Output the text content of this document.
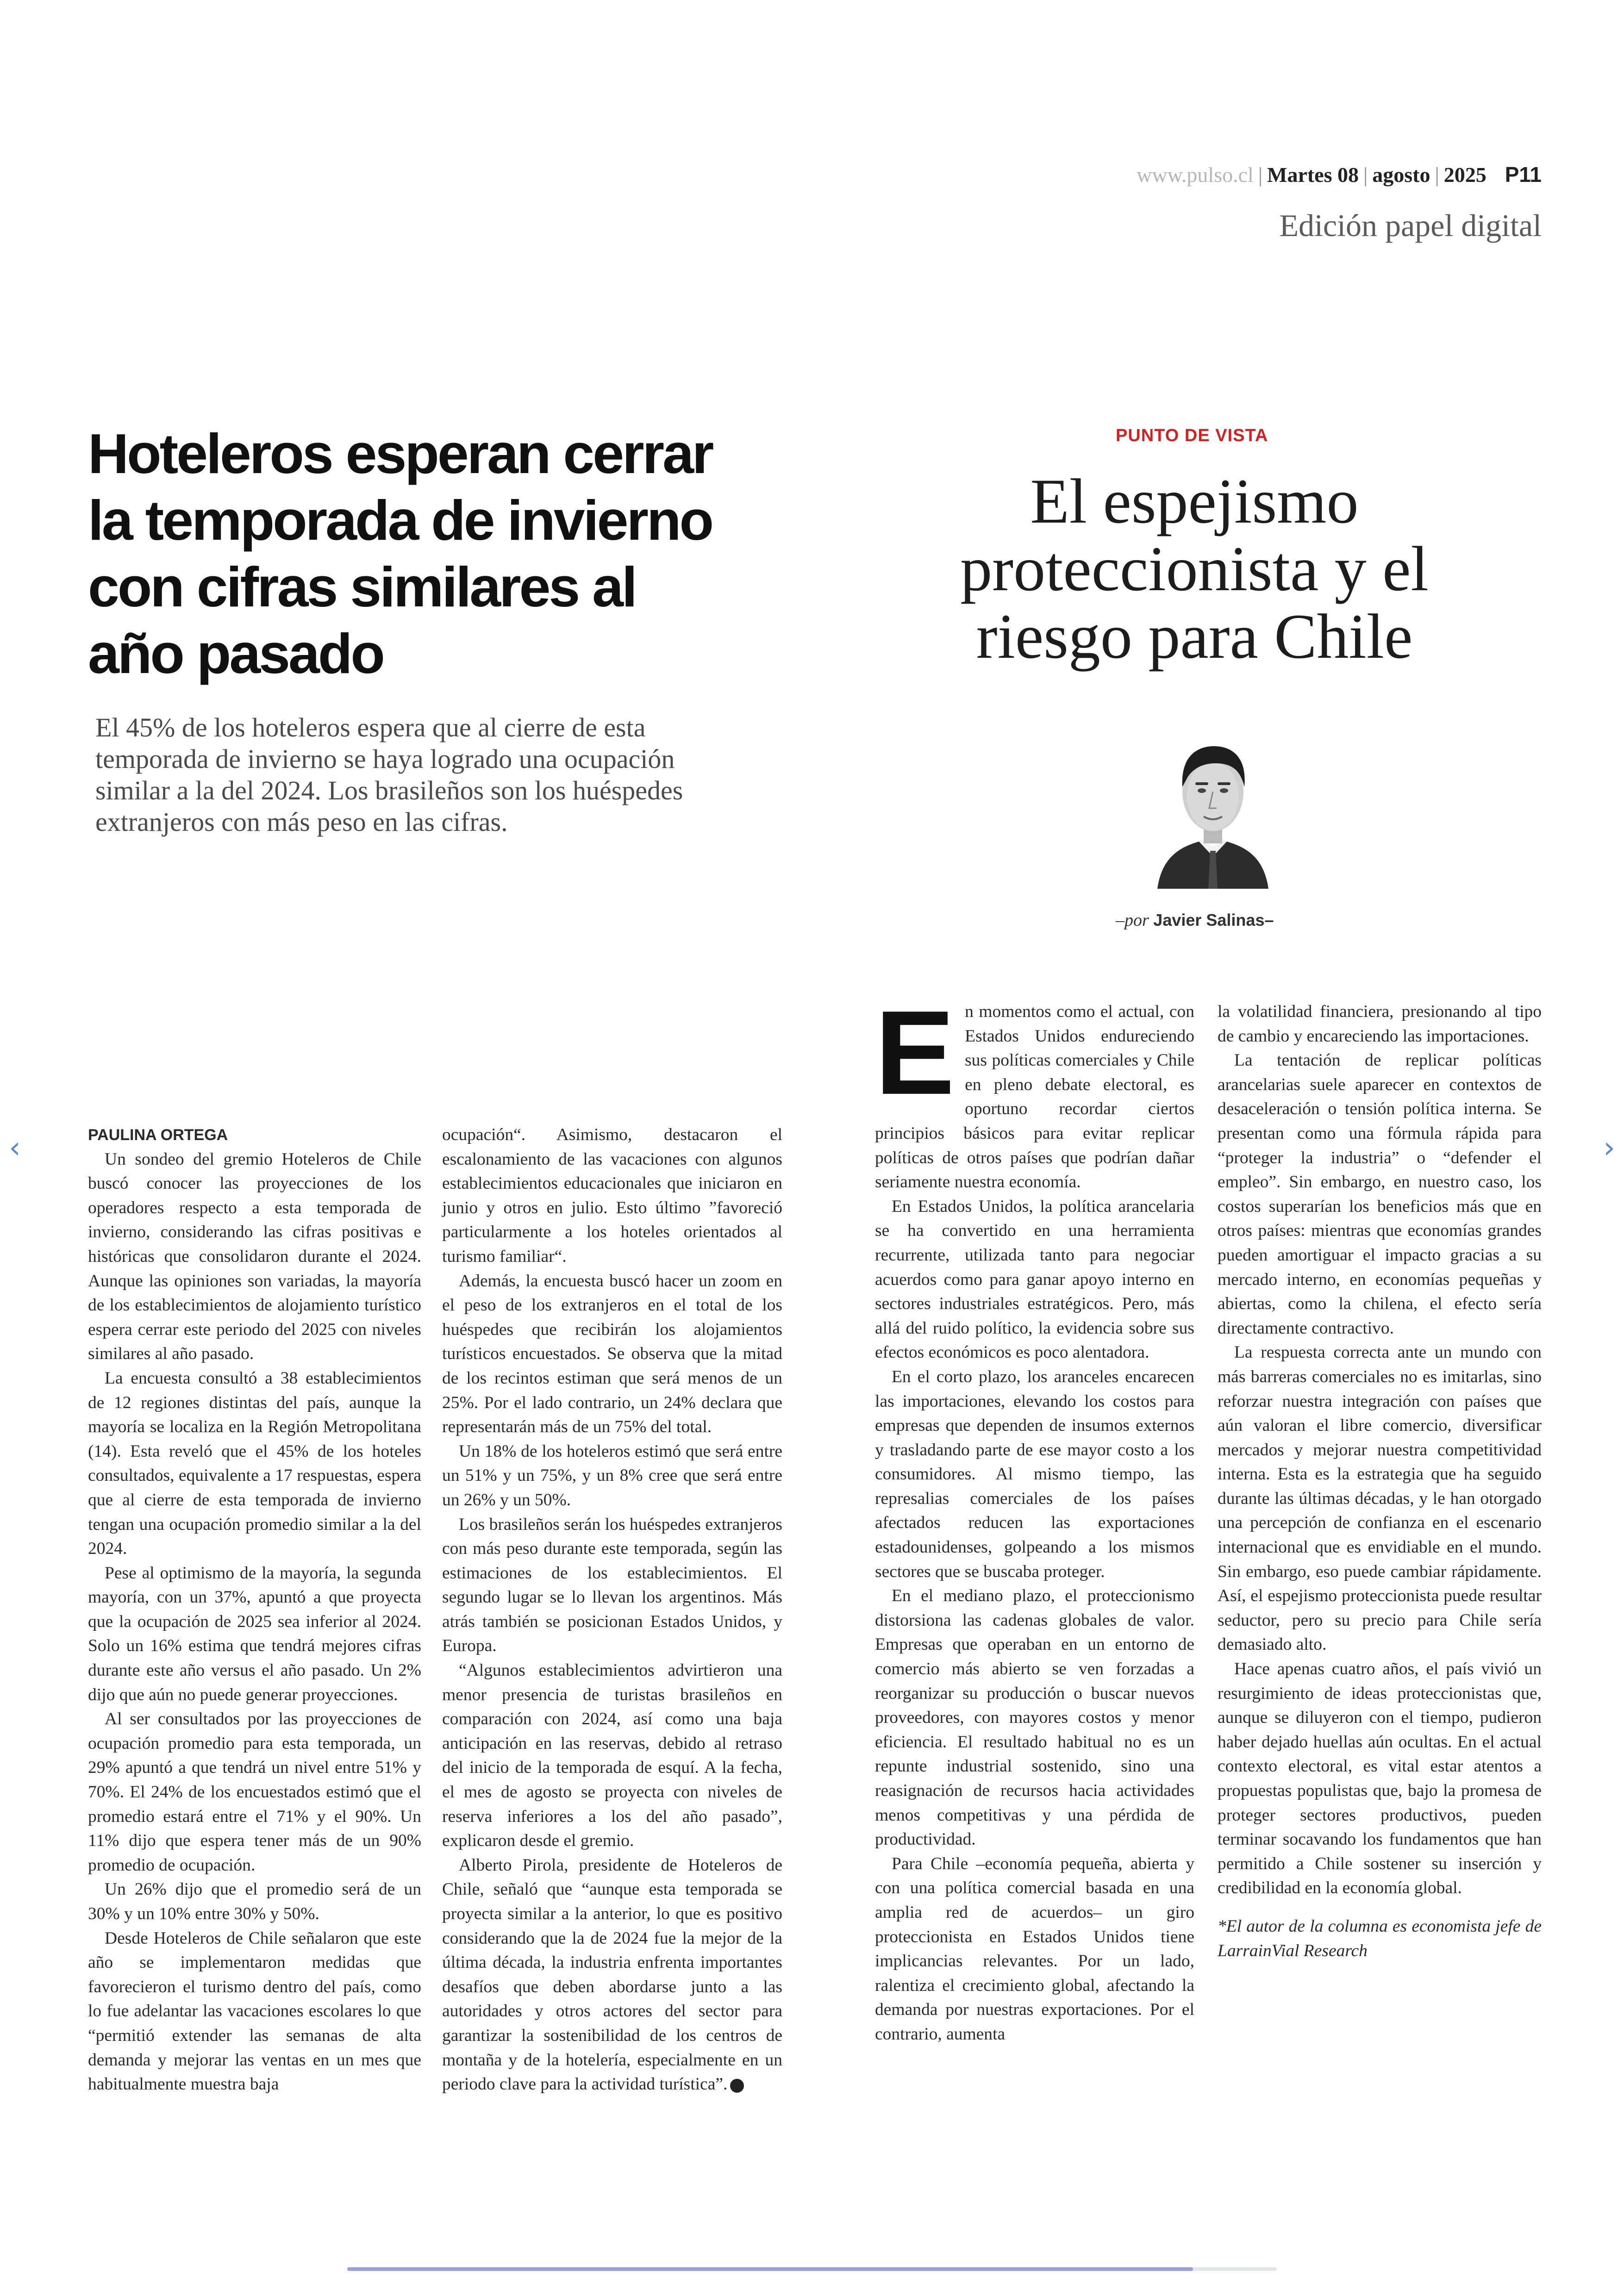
www.pulso.cl | Martes 08 | agosto | 2025 P11
Edición papel digital
Hoteleros esperan cerrar la temporada de invierno con cifras similares al año pasado
El 45% de los hoteleros espera que al cierre de esta temporada de invierno se haya logrado una ocupación similar a la del 2024. Los brasileños son los huéspedes extranjeros con más peso en las cifras.
PUNTO DE VISTA
El espejismo proteccionista y el riesgo para Chile
–por Javier Salinas–

PAULINA ORTEGA

Un sondeo del gremio Hoteleros de Chile buscó conocer las proyecciones de los operadores respecto a esta temporada de invierno, considerando las cifras positivas e históricas que consolidaron durante el 2024. Aunque las opiniones son variadas, la mayoría de los establecimientos de alojamiento turístico espera cerrar este periodo del 2025 con niveles similares al año pasado.

La encuesta consultó a 38 establecimientos de 12 regiones distintas del país, aunque la mayoría se localiza en la Región Metropolitana (14). Esta reveló que el 45% de los hoteles consultados, equivalente a 17 respuestas, espera que al cierre de esta temporada de invierno tengan una ocupación promedio similar a la del 2024.

Pese al optimismo de la mayoría, la segunda mayoría, con un 37%, apuntó a que proyecta que la ocupación de 2025 sea inferior al 2024. Solo un 16% estima que tendrá mejores cifras durante este año versus el año pasado. Un 2% dijo que aún no puede generar proyecciones.

Al ser consultados por las proyecciones de ocupación promedio para esta temporada, un 29% apuntó a que tendrá un nivel entre 51% y 70%. El 24% de los encuestados estimó que el promedio estará entre el 71% y el 90%. Un 11% dijo que espera tener más de un 90% promedio de ocupación.

Un 26% dijo que el promedio será de un 30% y un 10% entre 30% y 50%.

Desde Hoteleros de Chile señalaron que este año se implementaron medidas que favorecieron el turismo dentro del país, como lo fue adelantar las vacaciones escolares lo que “permitió extender las semanas de alta demanda y mejorar las ventas en un mes que habitualmente muestra baja

ocupación“. Asimismo, destacaron el escalonamiento de las vacaciones con algunos establecimientos educacionales que iniciaron en junio y otros en julio. Esto último ”favoreció particularmente a los hoteles orientados al turismo familiar“.

Además, la encuesta buscó hacer un zoom en el peso de los extranjeros en el total de los huéspedes que recibirán los alojamientos turísticos encuestados. Se observa que la mitad de los recintos estiman que será menos de un 25%. Por el lado contrario, un 24% declara que representarán más de un 75% del total.

Un 18% de los hoteleros estimó que será entre un 51% y un 75%, y un 8% cree que será entre un 26% y un 50%.

Los brasileños serán los huéspedes extranjeros con más peso durante este temporada, según las estimaciones de los establecimientos. El segundo lugar se lo llevan los argentinos. Más atrás también se posicionan Estados Unidos, y Europa.

“Algunos establecimientos advirtieron una menor presencia de turistas brasileños en comparación con 2024, así como una baja anticipación en las reservas, debido al retraso del inicio de la temporada de esquí. A la fecha, el mes de agosto se proyecta con niveles de reserva inferiores a los del año pasado”, explicaron desde el gremio.

Alberto Pirola, presidente de Hoteleros de Chile, señaló que “aunque esta temporada se proyecta similar a la anterior, lo que es positivo considerando que la de 2024 fue la mejor de la última década, la industria enfrenta importantes desafíos que deben abordarse junto a las autoridades y otros actores del sector para garantizar la sostenibilidad de los centros de montaña y de la hotelería, especialmente en un periodo clave para la actividad turística”. P

En momentos como el actual, con Estados Unidos endureciendo sus políticas comerciales y Chile en pleno debate electoral, es oportuno recordar ciertos principios básicos para evitar replicar políticas de otros países que podrían dañar seriamente nuestra economía.

En Estados Unidos, la política arancelaria se ha convertido en una herramienta recurrente, utilizada tanto para negociar acuerdos como para ganar apoyo interno en sectores industriales estratégicos. Pero, más allá del ruido político, la evidencia sobre sus efectos económicos es poco alentadora.

En el corto plazo, los aranceles encarecen las importaciones, elevando los costos para empresas que dependen de insumos externos y trasladando parte de ese mayor costo a los consumidores. Al mismo tiempo, las represalias comerciales de los países afectados reducen las exportaciones estadounidenses, golpeando a los mismos sectores que se buscaba proteger.

En el mediano plazo, el proteccionismo distorsiona las cadenas globales de valor. Empresas que operaban en un entorno de comercio más abierto se ven forzadas a reorganizar su producción o buscar nuevos proveedores, con mayores costos y menor eficiencia. El resultado habitual no es un repunte industrial sostenido, sino una reasignación de recursos hacia actividades menos competitivas y una pérdida de productividad.

Para Chile –economía pequeña, abierta y con una política comercial basada en una amplia red de acuerdos– un giro proteccionista en Estados Unidos tiene implicancias relevantes. Por un lado, ralentiza el crecimiento global, afectando la demanda por nuestras exportaciones. Por el contrario, aumenta

la volatilidad financiera, presionando al tipo de cambio y encareciendo las importaciones.

La tentación de replicar políticas arancelarias suele aparecer en contextos de desaceleración o tensión política interna. Se presentan como una fórmula rápida para “proteger la industria” o “defender el empleo”. Sin embargo, en nuestro caso, los costos superarían los beneficios más que en otros países: mientras que economías grandes pueden amortiguar el impacto gracias a su mercado interno, en economías pequeñas y abiertas, como la chilena, el efecto sería directamente contractivo.

La respuesta correcta ante un mundo con más barreras comerciales no es imitarlas, sino reforzar nuestra integración con países que aún valoran el libre comercio, diversificar mercados y mejorar nuestra competitividad interna. Esta es la estrategia que ha seguido durante las últimas décadas, y le han otorgado una percepción de confianza en el escenario internacional que es envidiable en el mundo. Sin embargo, eso puede cambiar rápidamente. Así, el espejismo proteccionista puede resultar seductor, pero su precio para Chile sería demasiado alto.

Hace apenas cuatro años, el país vivió un resurgimiento de ideas proteccionistas que, aunque se diluyeron con el tiempo, pudieron haber dejado huellas aún ocultas. En el actual contexto electoral, es vital estar atentos a propuestas populistas que, bajo la promesa de proteger sectores productivos, pueden terminar socavando los fundamentos que han permitido a Chile sostener su inserción y credibilidad en la economía global.

*El autor de la columna es economista jefe de LarrainVial Research

‹	›
